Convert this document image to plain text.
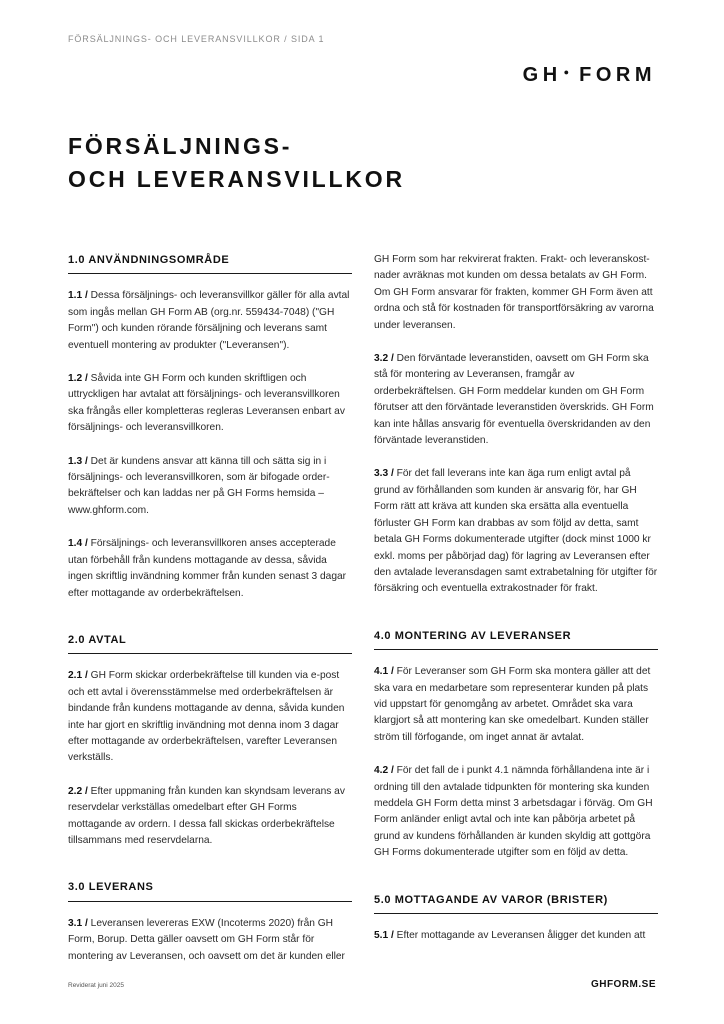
FÖRSÄLJNINGS- OCH LEVERANSVILLKOR / SIDA 1
GH ● FORM
FÖRSÄLJNINGS-
OCH LEVERANSVILLKOR
1.0 ANVÄNDNINGSOMRÅDE

1.1 / Dessa försäljnings- och leveransvillkor gäller för alla avtal som ingås mellan GH Form AB (org.nr. 559434-7048) ("GH Form") och kunden rörande försäljning och leverans samt eventuell montering av produkter ("Leveransen").

1.2 / Såvida inte GH Form och kunden skriftligen och uttryckligen har avtalat att försäljnings- och leveransvillkoren ska frångås eller kompletteras regleras Leveransen enbart av försäljnings- och leveransvillkoren.

1.3 / Det är kundens ansvar att känna till och sätta sig in i försäljnings- och leveransvillkoren, som är bifogade order-bekräftelser och kan laddas ner på GH Forms hemsida – www.ghform.com.

1.4 / Försäljnings- och leveransvillkoren anses accepterade utan förbehåll från kundens mottagande av dessa, såvida ingen skriftlig invändning kommer från kunden senast 3 dagar efter mottagande av orderbekräftelsen.

2.0 AVTAL

2.1 / GH Form skickar orderbekräftelse till kunden via e-post och ett avtal i överensstämmelse med orderbekräftelsen är bindande från kundens mottagande av denna, såvida kunden inte har gjort en skriftlig invändning mot denna inom 3 dagar efter mottagande av orderbekräftelsen, varefter Leveransen verkställs.

2.2 / Efter uppmaning från kunden kan skyndsam leverans av reservdelar verkställas omedelbart efter GH Forms mottagande av ordern. I dessa fall skickas orderbekräftelse tillsammans med reservdelarna.

3.0 LEVERANS

3.1 / Leveransen levereras EXW (Incoterms 2020) från GH Form, Borup. Detta gäller oavsett om GH Form står för montering av Leveransen, och oavsett om det är kunden eller

GH Form som har rekvirerat frakten. Frakt- och leveranskost-nader avräknas mot kunden om dessa betalats av GH Form. Om GH Form ansvarar för frakten, kommer GH Form även att ordna och stå för kostnaden för transportförsäkring av varorna under leveransen.

3.2 / Den förväntade leveranstiden, oavsett om GH Form ska stå för montering av Leveransen, framgår av orderbekräftelsen. GH Form meddelar kunden om GH Form förutser att den förväntade leveranstiden överskrids. GH Form kan inte hållas ansvarig för eventuella överskridanden av den förväntade leveranstiden.

3.3 / För det fall leverans inte kan äga rum enligt avtal på grund av förhållanden som kunden är ansvarig för, har GH Form rätt att kräva att kunden ska ersätta alla eventuella förluster GH Form kan drabbas av som följd av detta, samt betala GH Forms dokumenterade utgifter (dock minst 1000 kr exkl. moms per påbörjad dag) för lagring av Leveransen efter den avtalade leveransdagen samt extrabetalning för utgifter för försäkring och eventuella extrakostnader för frakt.

4.0 MONTERING AV LEVERANSER

4.1 / För Leveranser som GH Form ska montera gäller att det ska vara en medarbetare som representerar kunden på plats vid uppstart för genomgång av arbetet. Området ska vara klargjort så att montering kan ske omedelbart. Kunden ställer ström till förfogande, om inget annat är avtalat.

4.2 / För det fall de i punkt 4.1 nämnda förhållandena inte är i ordning till den avtalade tidpunkten för montering ska kunden meddela GH Form detta minst 3 arbetsdagar i förväg. Om GH Form anländer enligt avtal och inte kan påbörja arbetet på grund av kundens förhållanden är kunden skyldig att gottgöra GH Forms dokumenterade utgifter som en följd av detta.

5.0 MOTTAGANDE AV VAROR (BRISTER)

5.1 / Efter mottagande av Leveransen åligger det kunden att

Reviderat juni 2025	GHFORM.SE
